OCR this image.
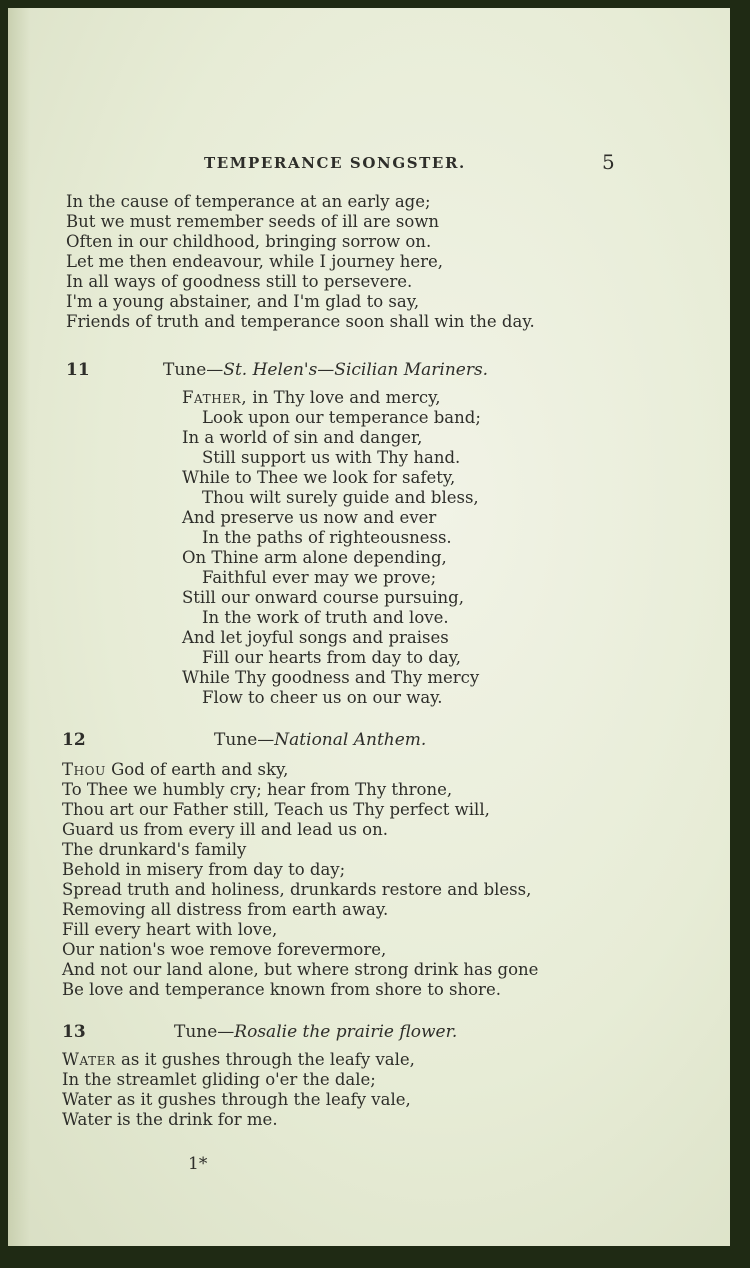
TEMPERANCE SONGSTER.	5
In the cause of temperance at an early age;
But we must remember seeds of ill are sown
Often in our childhood, bringing sorrow on.
Let me then endeavour, while I journey here,
In all ways of goodness still to persevere.
I'm a young abstainer, and I'm glad to say,
Friends of truth and temperance soon shall win the day.
11	Tune—St. Helen's—Sicilian Mariners.
Father, in Thy love and mercy,
Look upon our temperance band;
In a world of sin and danger,
Still support us with Thy hand.
While to Thee we look for safety,
Thou wilt surely guide and bless,
And preserve us now and ever
In the paths of righteousness.
On Thine arm alone depending,
Faithful ever may we prove;
Still our onward course pursuing,
In the work of truth and love.
And let joyful songs and praises
Fill our hearts from day to day,
While Thy goodness and Thy mercy
Flow to cheer us on our way.
12	Tune—National Anthem.
Thou God of earth and sky,
To Thee we humbly cry; hear from Thy throne,
Thou art our Father still, Teach us Thy perfect will,
Guard us from every ill and lead us on.
The drunkard's family
Behold in misery from day to day;
Spread truth and holiness, drunkards restore and bless,
Removing all distress from earth away.
Fill every heart with love,
Our nation's woe remove forevermore,
And not our land alone, but where strong drink has gone
Be love and temperance known from shore to shore.
13	Tune—Rosalie the prairie flower.
Water as it gushes through the leafy vale,
In the streamlet gliding o'er the dale;
Water as it gushes through the leafy vale,
Water is the drink for me.
1*
